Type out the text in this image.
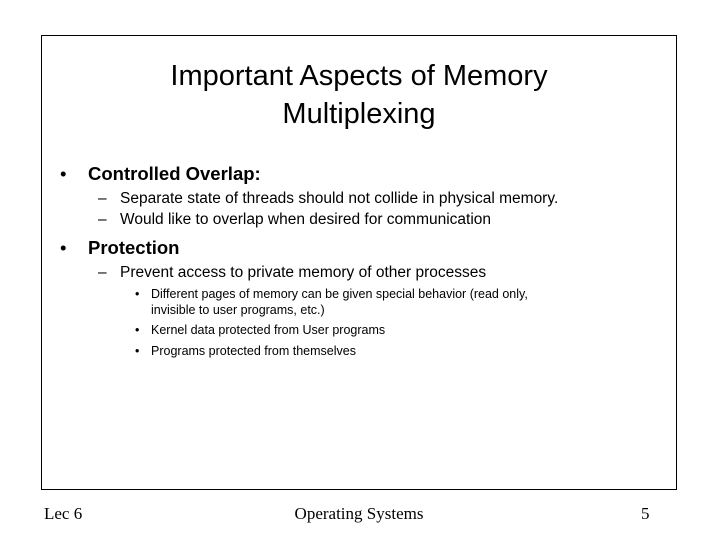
Important Aspects of Memory
Multiplexing
• Controlled Overlap:
– Separate state of threads should not collide in physical memory.
– Would like to overlap when desired for communication
• Protection
– Prevent access to private memory of other processes
• Different pages of memory can be given special behavior (read only,
invisible to user programs, etc.)
• Kernel data protected from User programs
• Programs protected from themselves
Lec 6	Operating Systems	5
